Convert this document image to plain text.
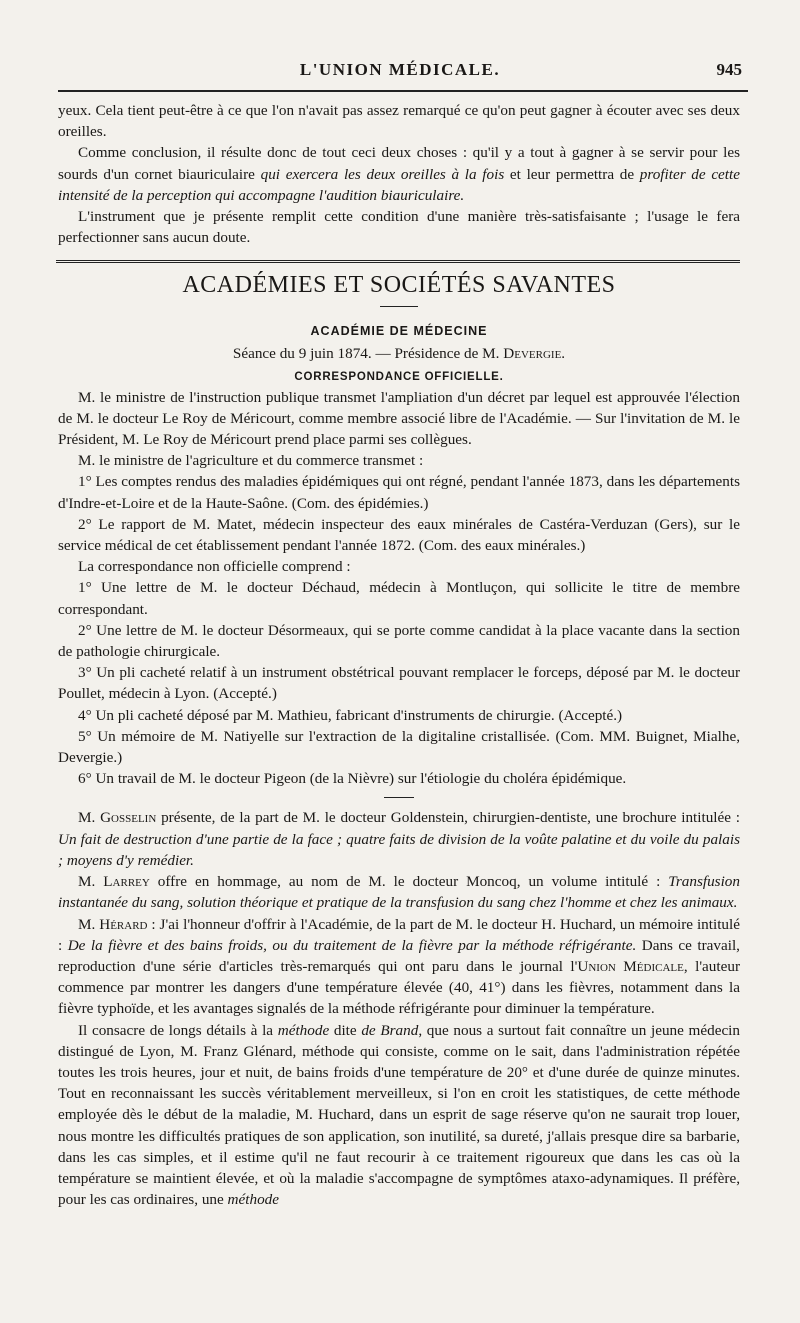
L'UNION MÉDICALE.	945

yeux. Cela tient peut-être à ce que l'on n'avait pas assez remarqué ce qu'on peut gagner à écouter avec ses deux oreilles.

Comme conclusion, il résulte donc de tout ceci deux choses : qu'il y a tout à gagner à se servir pour les sourds d'un cornet biauriculaire qui exercera les deux oreilles à la fois et leur permettra de profiter de cette intensité de la perception qui accompagne l'audition biauriculaire.

L'instrument que je présente remplit cette condition d'une manière très-satisfaisante ; l'usage le fera perfectionner sans aucun doute.

ACADÉMIES ET SOCIÉTÉS SAVANTES
ACADÉMIE DE MÉDECINE
Séance du 9 juin 1874. — Présidence de M. Devergie.
CORRESPONDANCE OFFICIELLE.

M. le ministre de l'instruction publique transmet l'ampliation d'un décret par lequel est approuvée l'élection de M. le docteur Le Roy de Méricourt, comme membre associé libre de l'Académie. — Sur l'invitation de M. le Président, M. Le Roy de Méricourt prend place parmi ses collègues.

M. le ministre de l'agriculture et du commerce transmet :

1° Les comptes rendus des maladies épidémiques qui ont régné, pendant l'année 1873, dans les départements d'Indre-et-Loire et de la Haute-Saône. (Com. des épidémies.)

2° Le rapport de M. Matet, médecin inspecteur des eaux minérales de Castéra-Verduzan (Gers), sur le service médical de cet établissement pendant l'année 1872. (Com. des eaux minérales.)

La correspondance non officielle comprend :

1° Une lettre de M. le docteur Déchaud, médecin à Montluçon, qui sollicite le titre de membre correspondant.

2° Une lettre de M. le docteur Désormeaux, qui se porte comme candidat à la place vacante dans la section de pathologie chirurgicale.

3° Un pli cacheté relatif à un instrument obstétrical pouvant remplacer le forceps, déposé par M. le docteur Poullet, médecin à Lyon. (Accepté.)

4° Un pli cacheté déposé par M. Mathieu, fabricant d'instruments de chirurgie. (Accepté.)

5° Un mémoire de M. Natiyelle sur l'extraction de la digitaline cristallisée. (Com. MM. Buignet, Mialhe, Devergie.)

6° Un travail de M. le docteur Pigeon (de la Nièvre) sur l'étiologie du choléra épidémique.

M. Gosselin présente, de la part de M. le docteur Goldenstein, chirurgien-dentiste, une brochure intitulée : Un fait de destruction d'une partie de la face ; quatre faits de division de la voûte palatine et du voile du palais ; moyens d'y remédier.

M. Larrey offre en hommage, au nom de M. le docteur Moncoq, un volume intitulé : Transfusion instantanée du sang, solution théorique et pratique de la transfusion du sang chez l'homme et chez les animaux.

M. Hérard : J'ai l'honneur d'offrir à l'Académie, de la part de M. le docteur H. Huchard, un mémoire intitulé : De la fièvre et des bains froids, ou du traitement de la fièvre par la méthode réfrigérante. Dans ce travail, reproduction d'une série d'articles très-remarqués qui ont paru dans le journal l'Union Médicale, l'auteur commence par montrer les dangers d'une température élevée (40, 41°) dans les fièvres, notamment dans la fièvre typhoïde, et les avantages signalés de la méthode réfrigérante pour diminuer la température.

Il consacre de longs détails à la méthode dite de Brand, que nous a surtout fait connaître un jeune médecin distingué de Lyon, M. Franz Glénard, méthode qui consiste, comme on le sait, dans l'administration répétée toutes les trois heures, jour et nuit, de bains froids d'une température de 20° et d'une durée de quinze minutes. Tout en reconnaissant les succès véritablement merveilleux, si l'on en croit les statistiques, de cette méthode employée dès le début de la maladie, M. Huchard, dans un esprit de sage réserve qu'on ne saurait trop louer, nous montre les difficultés pratiques de son application, son inutilité, sa dureté, j'allais presque dire sa barbarie, dans les cas simples, et il estime qu'il ne faut recourir à ce traitement rigoureux que dans les cas où la température se maintient élevée, et où la maladie s'accompagne de symptômes ataxo-adynamiques. Il préfère, pour les cas ordinaires, une méthode
